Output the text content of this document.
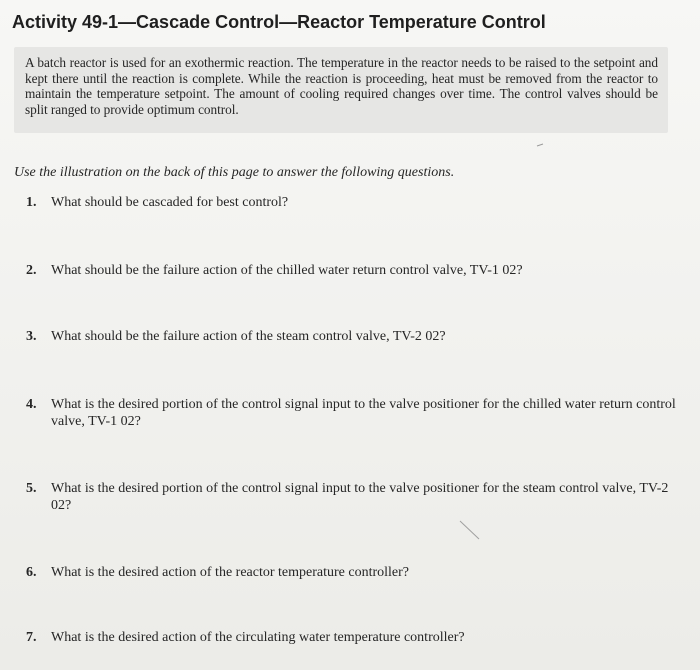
Activity 49-1—Cascade Control—Reactor Temperature Control

A batch reactor is used for an exothermic reaction. The temperature in the reactor needs to be raised to the setpoint and kept there until the reaction is complete. While the reaction is proceeding, heat must be removed from the reactor to maintain the temperature setpoint. The amount of cooling required changes over time. The control valves should be split ranged to provide optimum control.

Use the illustration on the back of this page to answer the following questions.
1.	What should be cascaded for best control?
2.	What should be the failure action of the chilled water return control valve, TV-1 02?
3.	What should be the failure action of the steam control valve, TV-2 02?
4.	What is the desired portion of the control signal input to the valve positioner for the chilled water return control valve, TV-1 02?
5.	What is the desired portion of the control signal input to the valve positioner for the steam control valve, TV-2 02?
6.	What is the desired action of the reactor temperature controller?
7.	What is the desired action of the circulating water temperature controller?
